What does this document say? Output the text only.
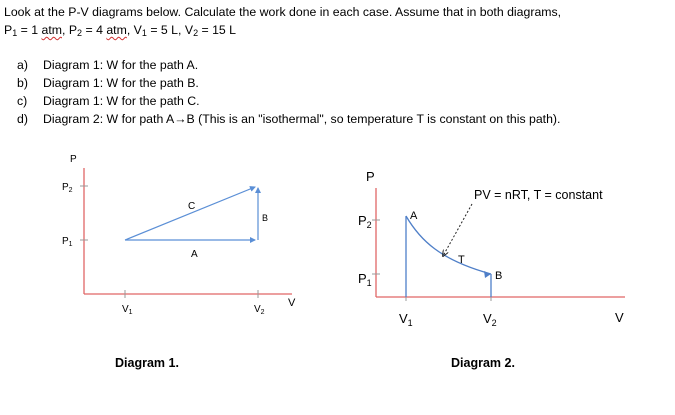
Look at the P-V diagrams below. Calculate the work done in each case. Assume that in both diagrams,
$P_1 = 1$ atm, $P_2 = 4$ atm, $V_1 = 5$ L, $V_2 = 15$ L
a) Diagram 1: W for the path A.
b) Diagram 1: W for the path B.
c) Diagram 1: W for the path C.
d) Diagram 2: W for path A→B (This is an "isothermal", so temperature T is constant on this path).
P
V
$P_2$
$P_1$
$V_1$	$V_2$
A
B
C
P
V
$P_2$
$P_1$
$V_1$	$V_2$
A
B
T
PV = nRT, T = constant
Diagram 1.	Diagram 2.
